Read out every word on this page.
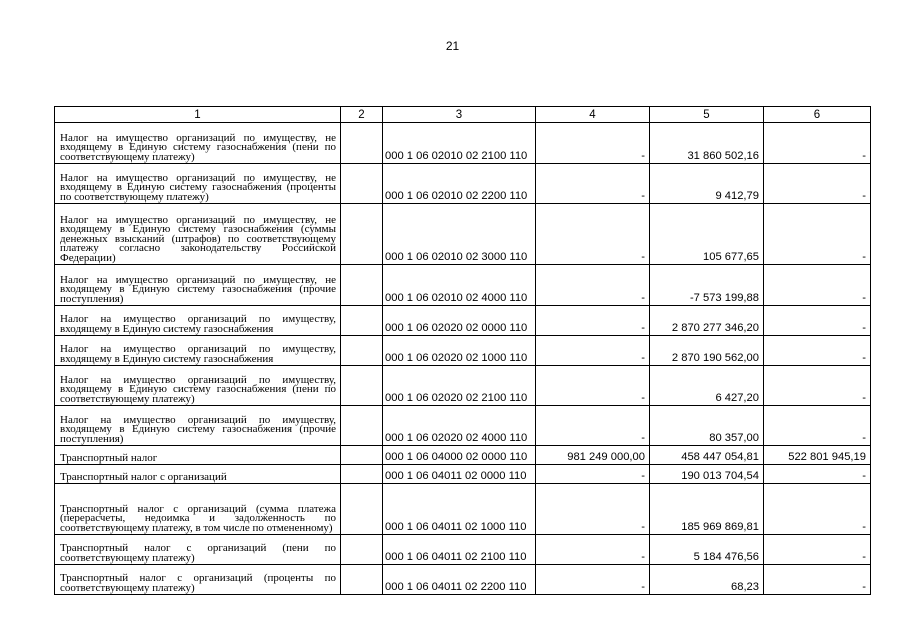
21
1	2	3	4	5	6
Налог на имущество организаций по имуществу, не входящему в Единую систему газоснабжения (пени по соответствующему платежу)		000 1 06 02010 02 2100 110	-	31 860 502,16	-
Налог на имущество организаций по имуществу, не входящему в Единую систему газоснабжения (проценты по соответствующему платежу)		000 1 06 02010 02 2200 110	-	9 412,79	-
Налог на имущество организаций по имуществу, не входящему в Единую систему газоснабжения (суммы денежных взысканий (штрафов) по соответствующему платежу согласно законодательству Российской Федерации)		000 1 06 02010 02 3000 110	-	105 677,65	-
Налог на имущество организаций по имуществу, не входящему в Единую систему газоснабжения (прочие поступления)		000 1 06 02010 02 4000 110	-	-7 573 199,88	-
Налог на имущество организаций по имуществу, входящему в Единую систему газоснабжения		000 1 06 02020 02 0000 110	-	2 870 277 346,20	-
Налог на имущество организаций по имуществу, входящему в Единую систему газоснабжения		000 1 06 02020 02 1000 110	-	2 870 190 562,00	-
Налог на имущество организаций по имуществу, входящему в Единую систему газоснабжения (пени по соответствующему платежу)		000 1 06 02020 02 2100 110	-	6 427,20	-
Налог на имущество организаций по имуществу, входящему в Единую систему газоснабжения (прочие поступления)		000 1 06 02020 02 4000 110	-	80 357,00	-
Транспортный налог		000 1 06 04000 02 0000 110	981 249 000,00	458 447 054,81	522 801 945,19
Транспортный налог с организаций		000 1 06 04011 02 0000 110	-	190 013 704,54	-
Транспортный налог с организаций (сумма платежа (перерасчеты, недоимка и задолженность по соответствующему платежу, в том числе по отмененному)		000 1 06 04011 02 1000 110	-	185 969 869,81	-
Транспортный налог с организаций (пени по соответствующему платежу)		000 1 06 04011 02 2100 110	-	5 184 476,56	-
Транспортный налог с организаций (проценты по соответствующему платежу)		000 1 06 04011 02 2200 110	-	68,23	-
